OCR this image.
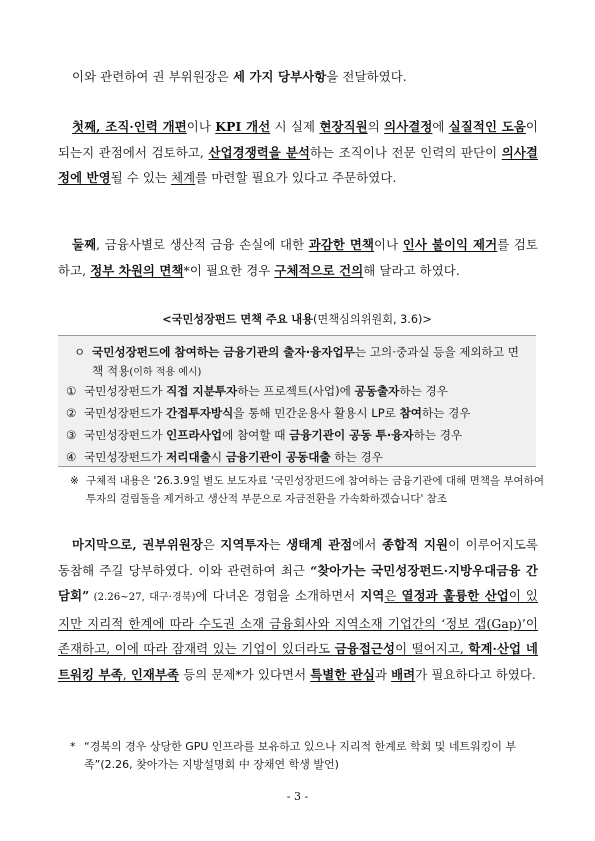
이와 관련하여 권 부위원장은 세 가지 당부사항을 전달하였다.
첫째, 조직·인력 개편이나 KPI 개선 시 실제 현장직원의 의사결정에 실질적인 도움이 되는지 관점에서 검토하고, 산업경쟁력을 분석하는 조직이나 전문 인력의 판단이 의사결정에 반영될 수 있는 체계를 마련할 필요가 있다고 주문하였다.
둘째, 금융사별로 생산적 금융 손실에 대한 과감한 면책이나 인사 불이익 제거를 검토하고, 정부 차원의 면책*이 필요한 경우 구체적으로 건의해 달라고 하였다.
<국민성장펀드 면책 주요 내용(면책심의위원회, 3.6)>
ㅇ 국민성장펀드에 참여하는 금융기관의 출자·융자업무는 고의·중과실 등을 제외하고 면책 적용(이하 적용 예시)
① 국민성장펀드가 직접 지분투자하는 프로젝트(사업)에 공동출자하는 경우
② 국민성장펀드가 간접투자방식을 통해 민간운용사 활용시 LP로 참여하는 경우
③ 국민성장펀드가 인프라사업에 참여할 때 금융기관이 공동 투·융자하는 경우
④ 국민성장펀드가 저리대출시 금융기관이 공동대출 하는 경우
※ 구체적 내용은 '26.3.9일 별도 보도자료 '국민성장펀드에 참여하는 금융기관에 대해 면책을 부여하여 투자의 걸림돌을 제거하고 생산적 부문으로 자금전환을 가속화하겠습니다' 참조
마지막으로, 권부위원장은 지역투자는 생태계 관점에서 종합적 지원이 이루어지도록 동참해 주길 당부하였다. 이와 관련하여 최근 “찾아가는 국민성장펀드·지방우대금융 간담회” (2.26~27, 대구·경북)에 다녀온 경험을 소개하면서 지역은 열정과 훌륭한 산업이 있지만 지리적 한계에 따라 수도권 소재 금융회사와 지역소재 기업간의 ‘정보 갭(Gap)’이 존재하고, 이에 따라 잠재력 있는 기업이 있더라도 금융접근성이 떨어지고, 학계·산업 네트워킹 부족, 인재부족 등의 문제*가 있다면서 특별한 관심과 배려가 필요하다고 하였다.
* “경북의 경우 상당한 GPU 인프라를 보유하고 있으나 지리적 한계로 학회 및 네트워킹이 부족”(2.26, 찾아가는 지방설명회 中 장채연 학생 발언)
- 3 -
